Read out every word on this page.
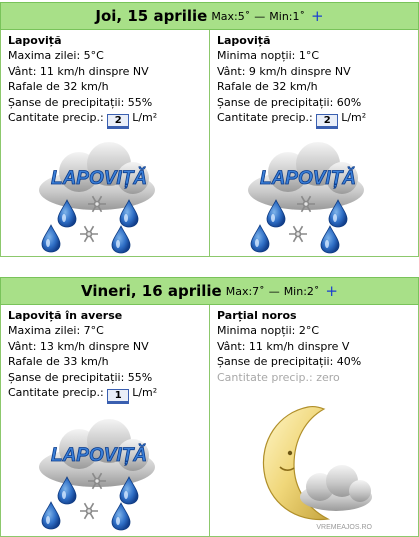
Joi, 15 aprilie Max:5˚ — Min:1˚ +
Lapoviță
Maxima zilei: 5°C
Vânt: 11 km/h dinspre NV
Rafale de 32 km/h
Șanse de precipitații: 55%
Cantitate precip.: 2 L/m²
LAPOVIȚĂ
Lapoviță
Minima nopții: 1°C
Vânt: 9 km/h dinspre NV
Rafale de 32 km/h
Șanse de precipitații: 60%
Cantitate precip.: 2 L/m²
LAPOVIȚĂ
Vineri, 16 aprilie Max:7˚ — Min:2˚ +
Lapoviță în averse
Maxima zilei: 7°C
Vânt: 13 km/h dinspre NV
Rafale de 33 km/h
Șanse de precipitații: 55%
Cantitate precip.: 1 L/m²
LAPOVIȚĂ
Parțial noros
Minima nopții: 2°C
Vânt: 11 km/h dinspre V
Șanse de precipitații: 40%
Cantitate precip.: zero
VREMEAJOS.RO
